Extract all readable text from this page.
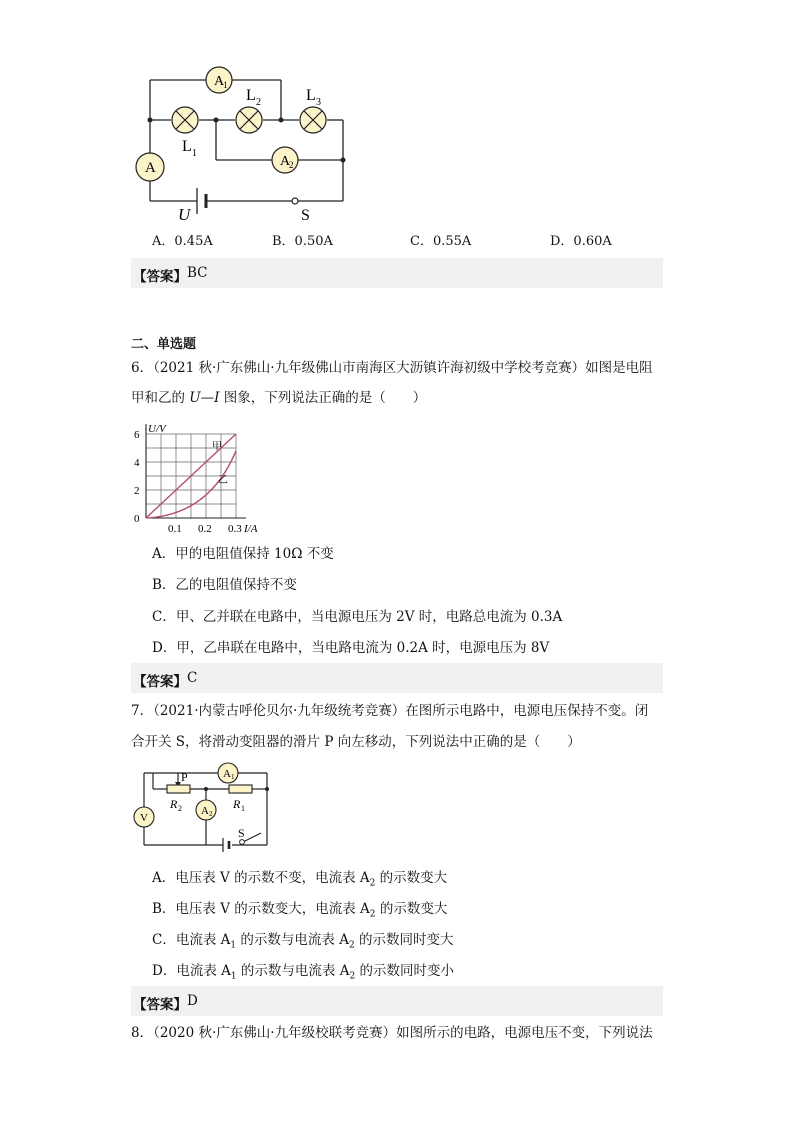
A
1
A
2
A
L 1
L 2	L 3
U	S
A．0.45A	B．0.50A	C．0.55A	D．0.60A
【答案】 BC
二、单选题
6．（2021 秋·广东佛山·九年级佛山市南海区大沥镇许海初级中学校考竞赛）如图是电阻
甲和乙的 U—I 图象，下列说法正确的是（　　）
2
4
6
0.1 0.2 0.3
0
U/V
I/A
甲
乙
A．甲的电阻值保持 10Ω 不变
B．乙的电阻值保持不变
C．甲、乙并联在电路中，当电源电压为 2V 时，电路总电流为 0.3A
D．甲，乙串联在电路中，当电路电流为 0.2A 时，电源电压为 8V
【答案】 C
7．（2021·内蒙古呼伦贝尔·九年级统考竞赛）在图所示电路中，电源电压保持不变。闭
合开关 S，将滑动变阻器的滑片 P 向左移动，下列说法中正确的是（　　）
A 1
V
A 2
P
R 2	R 1
S
A．电压表 V 的示数不变，电流表 $A_2$ 的示数变大
B．电压表 V 的示数变大，电流表 $A_2$ 的示数变大
C．电流表 $A_1$ 的示数与电流表 $A_2$ 的示数同时变大
D．电流表 $A_1$ 的示数与电流表 $A_2$ 的示数同时变小
【答案】 D
8．（2020 秋·广东佛山·九年级校联考竞赛）如图所示的电路，电源电压不变，下列说法
